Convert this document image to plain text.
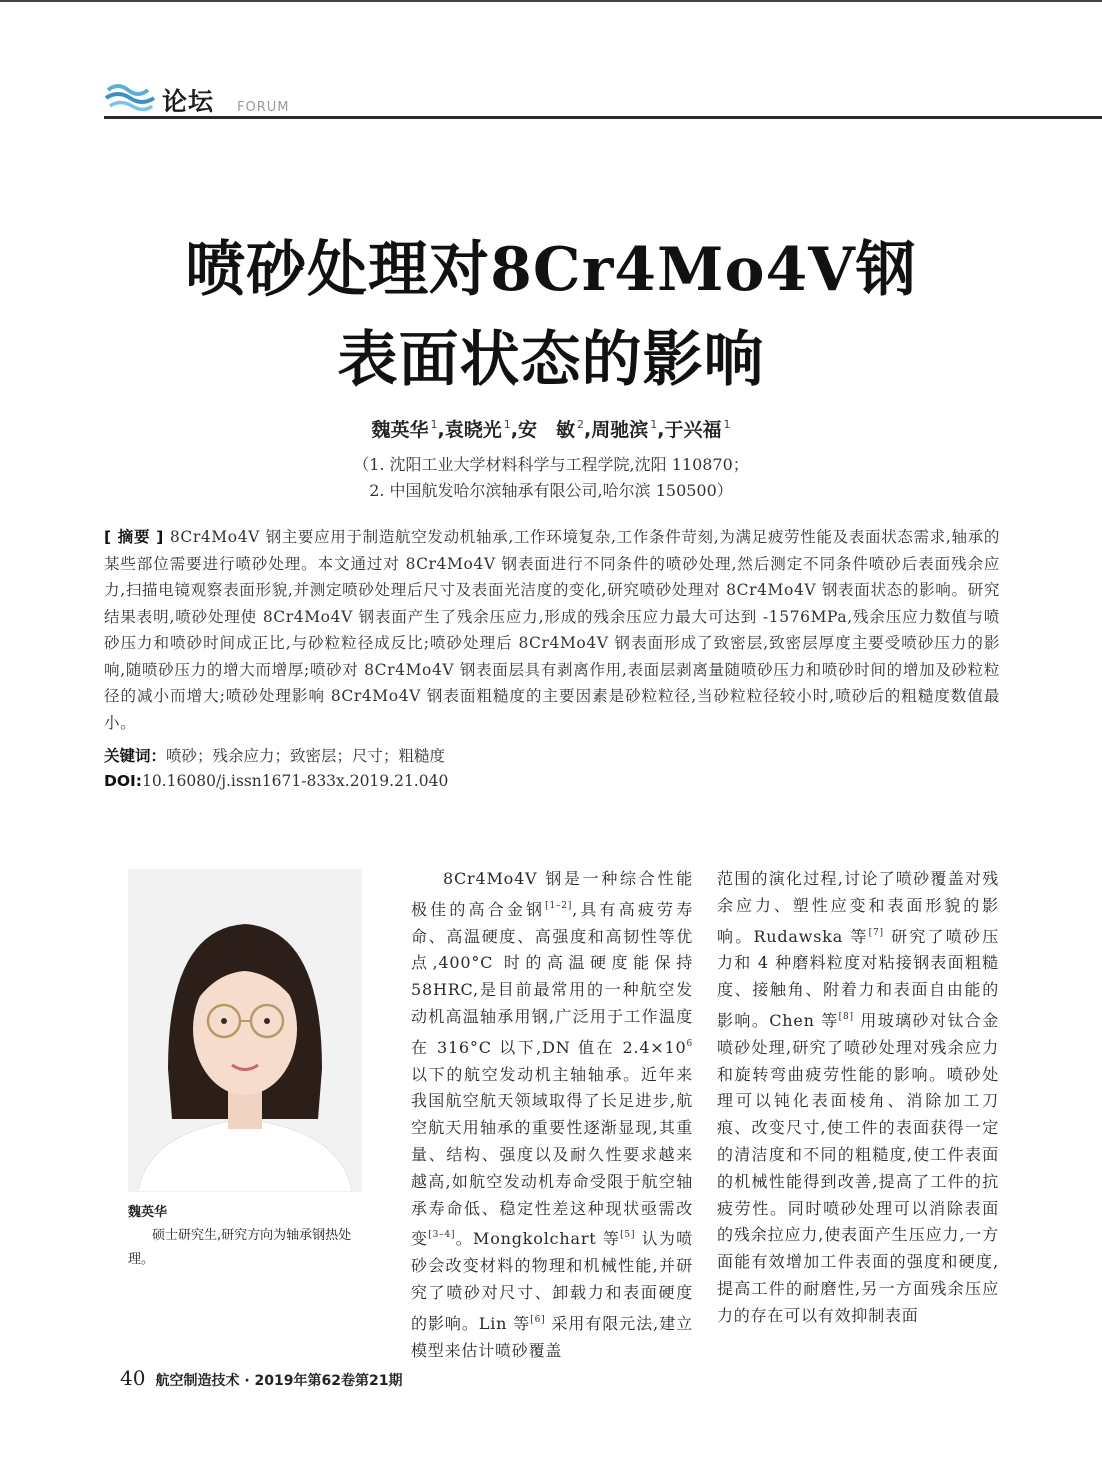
论坛 FORUM
喷砂处理对8Cr4Mo4V钢
表面状态的影响
魏英华 $^1$,袁晓光 $^1$,安　敏 $^2$,周驰滨 $^1$,于兴福 $^1$
（1. 沈阳工业大学材料科学与工程学院,沈阳 110870；
2. 中国航发哈尔滨轴承有限公司,哈尔滨 150500）
[ 摘要 ] 8Cr4Mo4V 钢主要应用于制造航空发动机轴承,工作环境复杂,工作条件苛刻,为满足疲劳性能及表面状态需求,轴承的某些部位需要进行喷砂处理。本文通过对 8Cr4Mo4V 钢表面进行不同条件的喷砂处理,然后测定不同条件喷砂后表面残余应力,扫描电镜观察表面形貌,并测定喷砂处理后尺寸及表面光洁度的变化,研究喷砂处理对 8Cr4Mo4V 钢表面状态的影响。研究结果表明,喷砂处理使 8Cr4Mo4V 钢表面产生了残余压应力,形成的残余压应力最大可达到 -1576MPa,残余压应力数值与喷砂压力和喷砂时间成正比,与砂粒粒径成反比;喷砂处理后 8Cr4Mo4V 钢表面形成了致密层,致密层厚度主要受喷砂压力的影响,随喷砂压力的增大而增厚;喷砂对 8Cr4Mo4V 钢表面层具有剥离作用,表面层剥离量随喷砂压力和喷砂时间的增加及砂粒粒径的减小而增大;喷砂处理影响 8Cr4Mo4V 钢表面粗糙度的主要因素是砂粒粒径,当砂粒粒径较小时,喷砂后的粗糙度数值最小。
关键词：喷砂；残余应力；致密层；尺寸；粗糙度
DOI:10.16080/j.issn1671-833x.2019.21.040
魏英华
硕士研究生,研究方向为轴承钢热处理。
8Cr4Mo4V 钢是一种综合性能极佳的高合金钢[1–2],具有高疲劳寿命、高温硬度、高强度和高韧性等优点,400°C 时的高温硬度能保持 58HRC,是目前最常用的一种航空发动机高温轴承用钢,广泛用于工作温度在 316°C 以下,DN 值在 $2.4\times 10^6$ 以下的航空发动机主轴轴承。近年来我国航空航天领域取得了长足进步,航空航天用轴承的重要性逐渐显现,其重量、结构、强度以及耐久性要求越来越高,如航空发动机寿命受限于航空轴承寿命低、稳定性差这种现状亟需改变[3–4]。Mongkolchart 等[5] 认为喷砂会改变材料的物理和机械性能,并研究了喷砂对尺寸、卸载力和表面硬度的影响。Lin 等[6] 采用有限元法,建立模型来估计喷砂覆盖
范围的演化过程,讨论了喷砂覆盖对残余应力、塑性应变和表面形貌的影响。Rudawska 等[7] 研究了喷砂压力和 4 种磨料粒度对粘接钢表面粗糙度、接触角、附着力和表面自由能的影响。Chen 等[8] 用玻璃砂对钛合金喷砂处理,研究了喷砂处理对残余应力和旋转弯曲疲劳性能的影响。喷砂处理可以钝化表面棱角、消除加工刀痕、改变尺寸,使工件的表面获得一定的清洁度和不同的粗糙度,使工件表面的机械性能得到改善,提高了工件的抗疲劳性。同时喷砂处理可以消除表面的残余拉应力,使表面产生压应力,一方面能有效增加工件表面的强度和硬度,提高工件的耐磨性,另一方面残余压应力的存在可以有效抑制表面
40 航空制造技术 · 2019年第62卷第21期
